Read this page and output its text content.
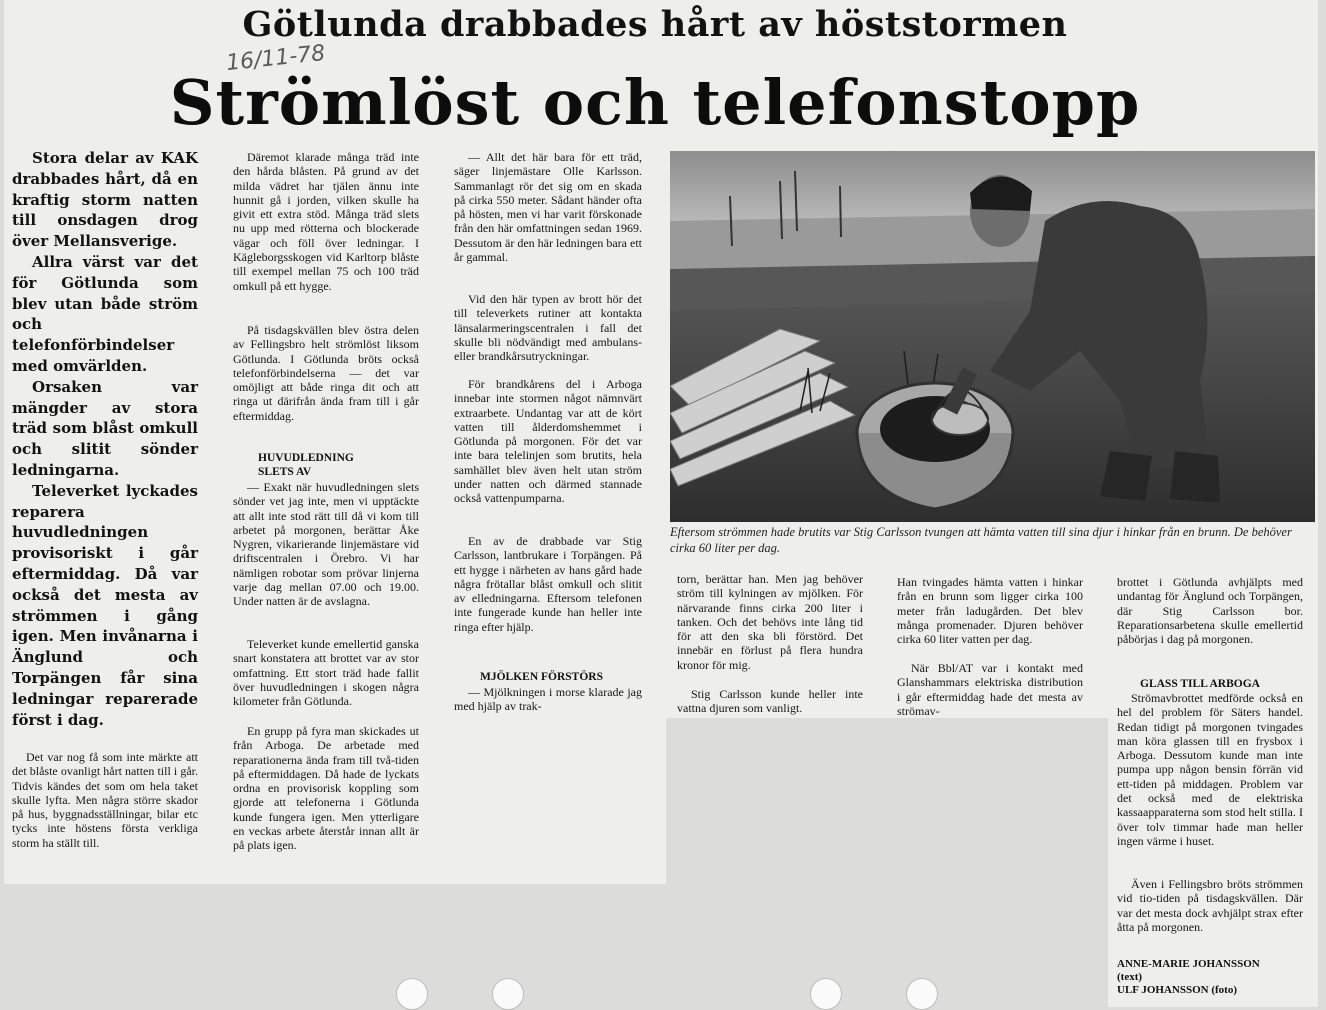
Götlunda drabbades hårt av höststormen
16/11-78
Strömlöst och telefonstopp

Stora delar av KAK drabbades hårt, då en kraftig storm natten till onsdagen drog över Mellansverige.

Allra värst var det för Götlunda som blev utan både ström och telefonförbindelser med omvärlden.

Orsaken var mängder av stora träd som blåst omkull och slitit sönder ledningarna.

Televerket lyckades reparera huvudledningen provisoriskt i går eftermiddag. Då var också det mesta av strömmen i gång igen. Men invånarna i Änglund och Torpängen får sina ledningar reparerade först i dag.

Det var nog få som inte märkte att det blåste ovanligt hårt natten till i går. Tidvis kändes det som om hela taket skulle lyfta. Men några större skador på hus, byggnadsställningar, bilar etc tycks inte höstens första verkliga storm ha ställt till.

Däremot klarade många träd inte den hårda blåsten. På grund av det milda vädret har tjälen ännu inte hunnit gå i jorden, vilken skulle ha givit ett extra stöd. Många träd slets nu upp med rötterna och blockerade vägar och föll över ledningar. I Kägleborgsskogen vid Karltorp blåste till exempel mellan 75 och 100 träd omkull på ett hygge.

På tisdagskvällen blev östra delen av Fellingsbro helt strömlöst liksom Götlunda. I Götlunda bröts också telefonförbindelserna — det var omöjligt att både ringa dit och att ringa ut därifrån ända fram till i går eftermiddag.

HUVUDLEDNING SLETS AV

— Exakt när huvudledningen slets sönder vet jag inte, men vi upptäckte att allt inte stod rätt till då vi kom till arbetet på morgonen, berättar Åke Nygren, vikarierande linjemästare vid driftscentralen i Örebro. Vi har nämligen robotar som prövar linjerna varje dag mellan 07.00 och 19.00. Under natten är de avslagna.

Televerket kunde emellertid ganska snart konstatera att brottet var av stor omfattning. Ett stort träd hade fallit över huvudledningen i skogen några kilometer från Götlunda.

En grupp på fyra man skickades ut från Arboga. De arbetade med reparationerna ända fram till två-tiden på eftermiddagen. Då hade de lyckats ordna en provisorisk koppling som gjorde att telefonerna i Götlunda kunde fungera igen. Men ytterligare en veckas arbete återstår innan allt är på plats igen.

— Allt det här bara för ett träd, säger linjemästare Olle Karlsson. Sammanlagt rör det sig om en skada på cirka 550 meter. Sådant händer ofta på hösten, men vi har varit förskonade från den här omfattningen sedan 1969. Dessutom är den här ledningen bara ett år gammal.

Vid den här typen av brott hör det till televerkets rutiner att kontakta länsalarmeringscentralen i fall det skulle bli nödvändigt med ambulans- eller brandkårsutryckningar.

För brandkårens del i Arboga innebar inte stormen något nämnvärt extraarbete. Undantag var att de kört vatten till ålderdomshemmet i Götlunda på morgonen. För det var inte bara telelinjen som brutits, hela samhället blev även helt utan ström under natten och därmed stannade också vattenpumparna.

En av de drabbade var Stig Carlsson, lantbrukare i Torpängen. På ett hygge i närheten av hans gård hade några frötallar blåst omkull och slitit av elledningarna. Eftersom telefonen inte fungerade kunde han heller inte ringa efter hjälp.

MJÖLKEN FÖRSTÖRS

— Mjölkningen i morse klarade jag med hjälp av trak-

Eftersom strömmen hade brutits var Stig Carlsson tvungen att hämta vatten till sina djur i hinkar från en brunn. De behöver cirka 60 liter per dag.

torn, berättar han. Men jag behöver ström till kylningen av mjölken. För närvarande finns cirka 200 liter i tanken. Och det behövs inte lång tid för att den ska bli förstörd. Det innebär en förlust på flera hundra kronor för mig.

Stig Carlsson kunde heller inte vattna djuren som vanligt.

Han tvingades hämta vatten i hinkar från en brunn som ligger cirka 100 meter från ladugården. Det blev många promenader. Djuren behöver cirka 60 liter vatten per dag.

När Bbl/AT var i kontakt med Glanshammars elektriska distribution i går eftermiddag hade det mesta av strömav-

brottet i Götlunda avhjälpts med undantag för Änglund och Torpängen, där Stig Carlsson bor. Reparationsarbetena skulle emellertid påbörjas i dag på morgonen.

GLASS TILL ARBOGA

Strömavbrottet medförde också en hel del problem för Säters handel. Redan tidigt på morgonen tvingades man köra glassen till en frysbox i Arboga. Dessutom kunde man inte pumpa upp någon bensin förrän vid ett-tiden på middagen. Problem var det också med de elektriska kassaapparaterna som stod helt stilla. I över tolv timmar hade man heller ingen värme i huset.

Även i Fellingsbro bröts strömmen vid tio-tiden på tisdagskvällen. Där var det mesta dock avhjälpt strax efter åtta på morgonen.

ANNE-MARIE JOHANSSON
(text)
ULF JOHANSSON (foto)
